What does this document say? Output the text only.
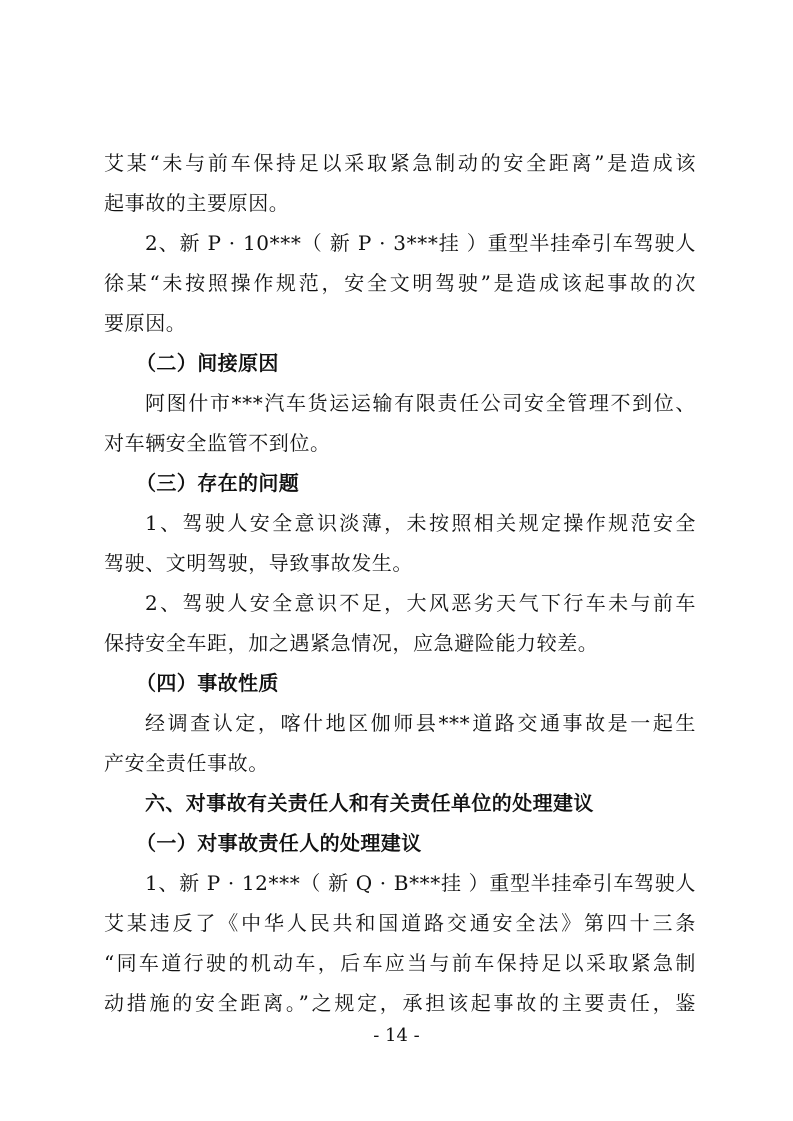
艾某“未与前车保持足以采取紧急制动的安全距离”是造成该
起事故的主要原因。
2、新 P · 10***（ 新 P · 3***挂 ）重型半挂牵引车驾驶人
徐某“未按照操作规范，安全文明驾驶”是造成该起事故的次
要原因。
（二）间接原因
阿图什市***汽车货运运输有限责任公司安全管理不到位、
对车辆安全监管不到位。
（三）存在的问题
1、驾驶人安全意识淡薄，未按照相关规定操作规范安全
驾驶、文明驾驶，导致事故发生。
2、驾驶人安全意识不足，大风恶劣天气下行车未与前车
保持安全车距，加之遇紧急情况，应急避险能力较差。
（四）事故性质
经调查认定，喀什地区伽师县***道路交通事故是一起生
产安全责任事故。
六、对事故有关责任人和有关责任单位的处理建议
（一）对事故责任人的处理建议
1、新 P · 12***（ 新 Q · B***挂 ）重型半挂牵引车驾驶人
艾某违反了《中华人民共和国道路交通安全法》第四十三条
“同车道行驶的机动车，后车应当与前车保持足以采取紧急制
动措施的安全距离。”之规定，承担该起事故的主要责任，鉴
- 14 -
